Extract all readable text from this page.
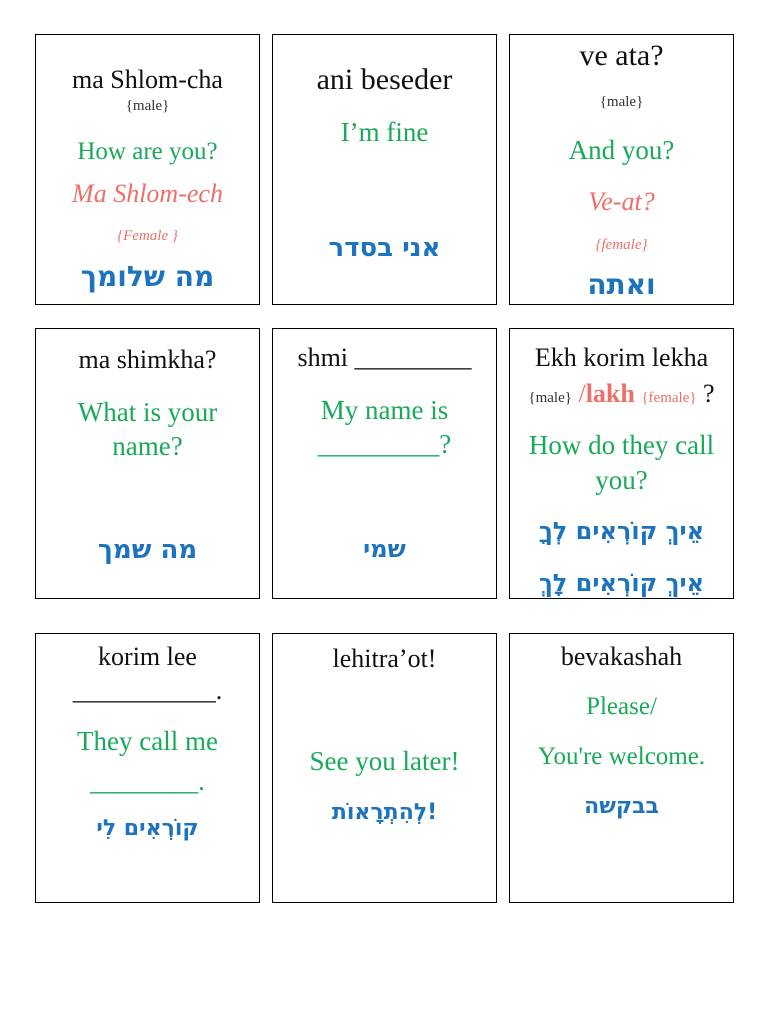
ma Shlom-cha
{male}
How are you?
Ma Shlom-ech
{Female }
מה שלומך
ani beseder
I’m fine
אני בסדר
ve ata?
{male}
And you?
Ve-at?
{female}
ואתה
ma shimkha?
What is your
name?
מה שמך
shmi _________
My name is
_________?
שמי
Ekh korim lekha
{male} /lakh {female} ?
How do they call
you?
אֵיךְ קוֹרְאִים לְךָ
אֵיךְ קוֹרְאִים לָךְ
korim lee
___________.
They call me
________.
קוֹרְאִים לִי
lehitra’ot!
See you later!
!לְהִתְרָאוֹת
bevakashah
Please/
You're welcome.
בבקשה
